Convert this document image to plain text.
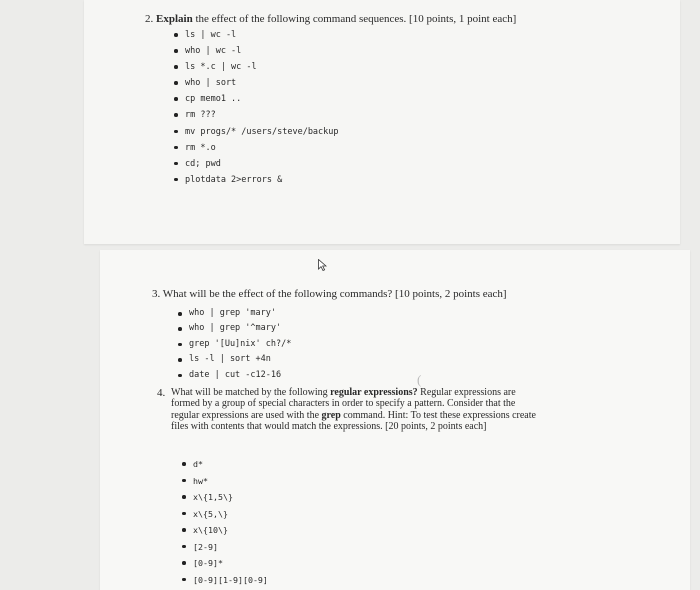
2. Explain the effect of the following command sequences. [10 points, 1 point each]
ls | wc -l
who | wc -l
ls *.c | wc -l
who | sort
cp memo1 ..
rm ???
mv progs/* /users/steve/backup
rm *.o
cd; pwd
plotdata 2>errors &
3. What will be the effect of the following commands? [10 points, 2 points each]
who | grep 'mary'
who | grep '^mary'
grep '[Uu]nix' ch?/*
ls -l | sort +4n
date | cut -c12-16
4. What will be matched by the following regular expressions? Regular expressions are formed by a group of special characters in order to specify a pattern. Consider that the regular expressions are used with the grep command. Hint: To test these expressions create files with contents that would match the expressions. [20 points, 2 points each]
d*
hw*
x\{1,5\}
x\{5,\}
x\{10\}
[2-9]
[0-9]*
[0-9][1-9][0-9]
(
